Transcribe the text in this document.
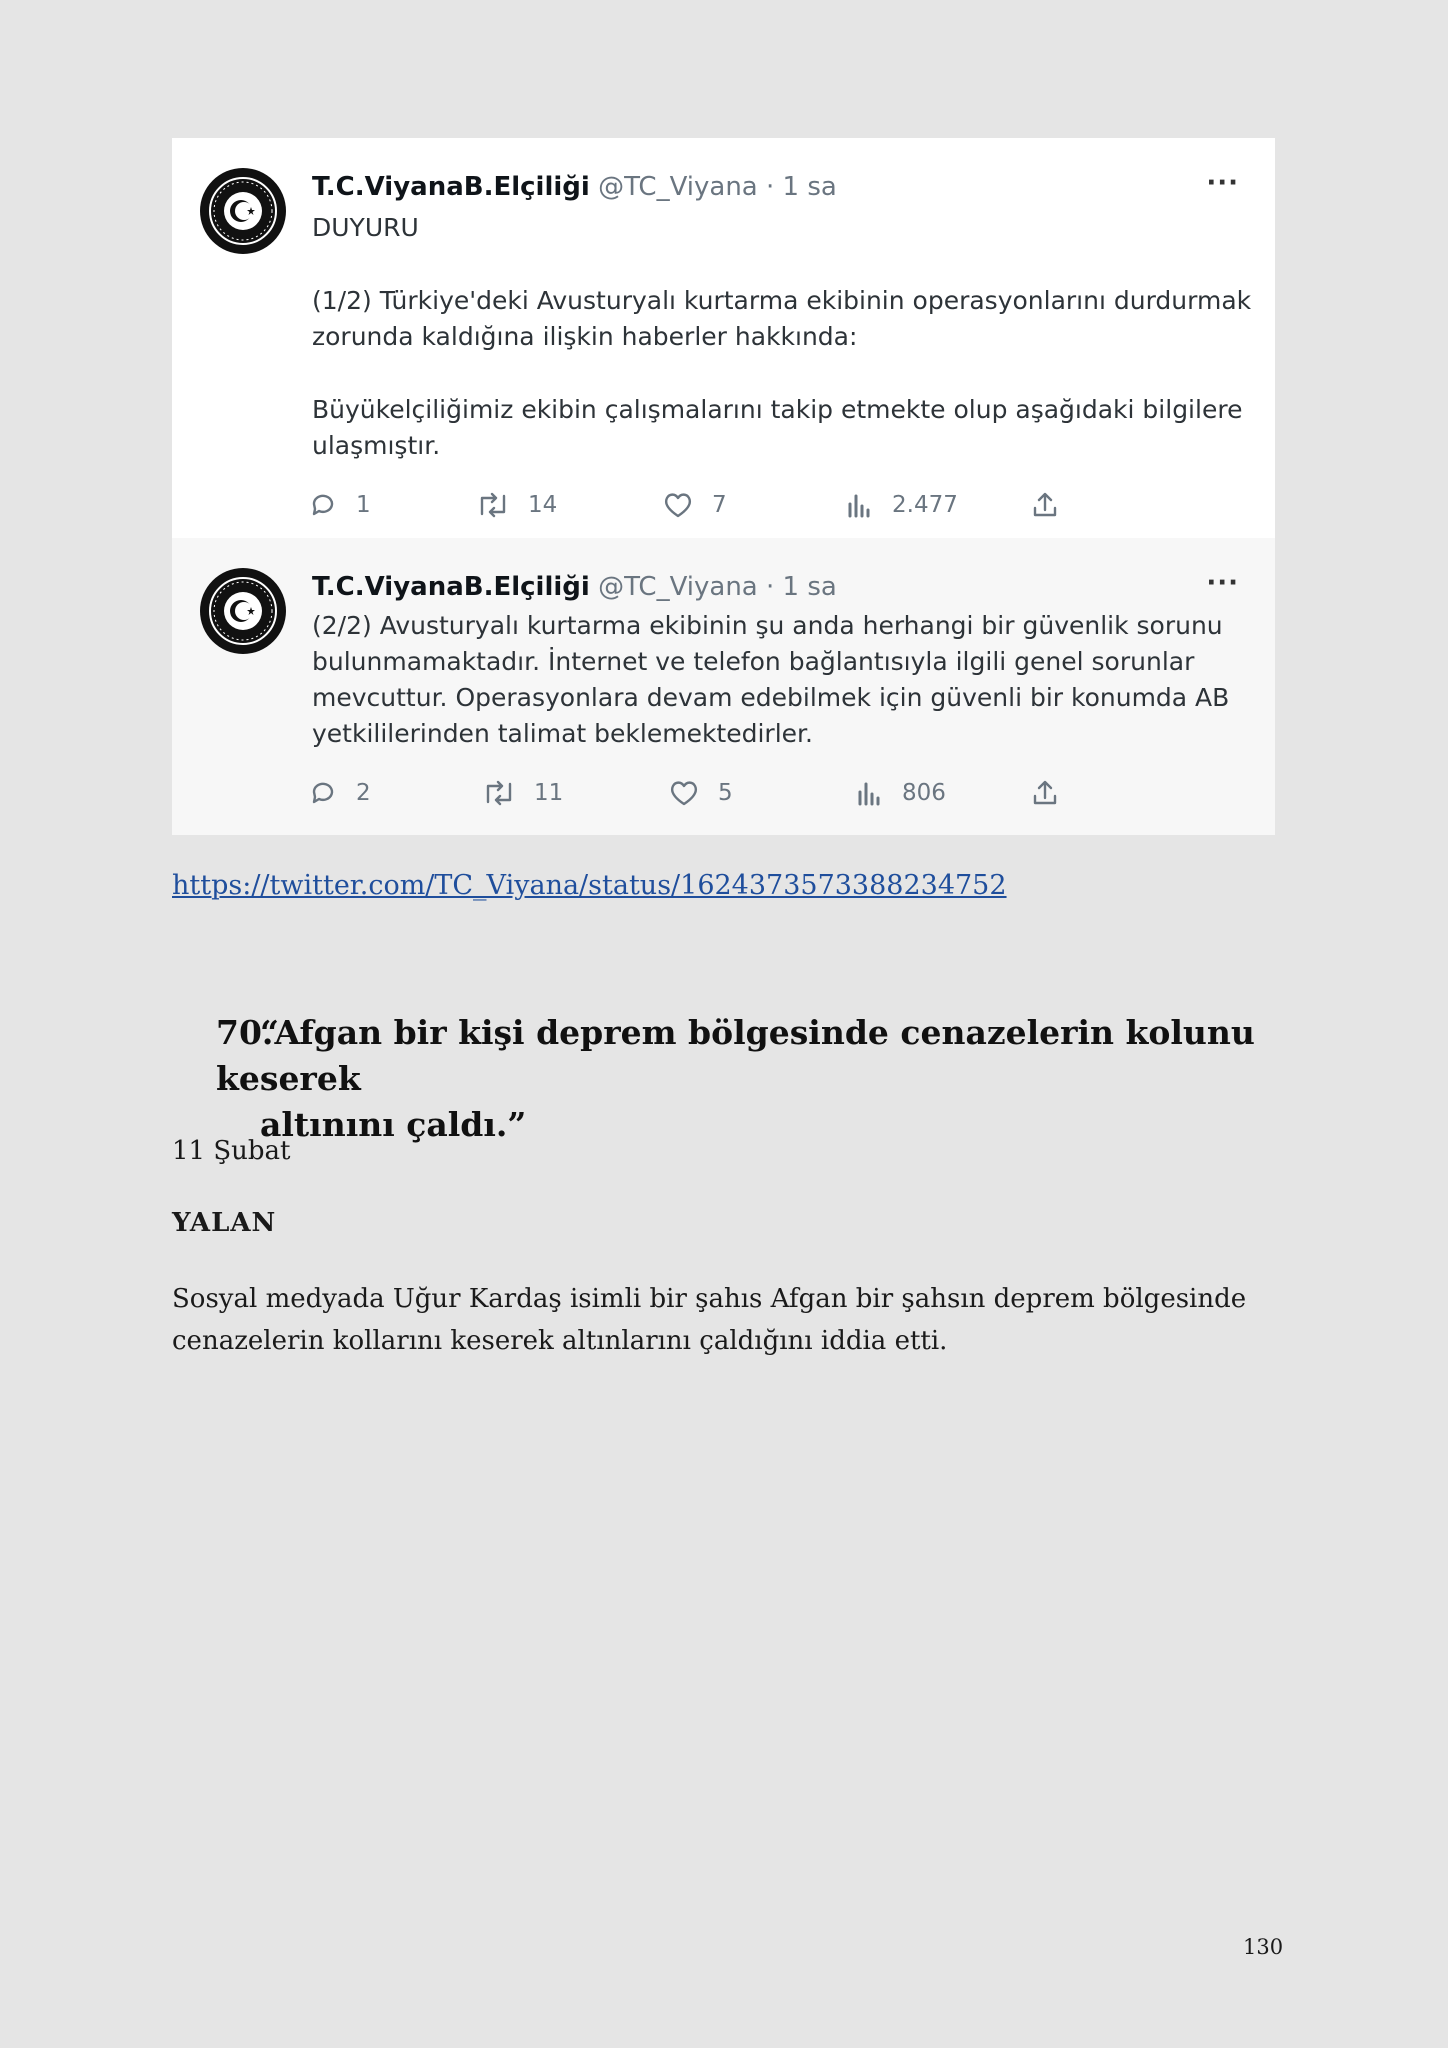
T.C.ViyanaB.Elçiliği @TC_Viyana · 1 sa	···
DUYURU
(1/2) Türkiye'deki Avusturyalı kurtarma ekibinin operasyonlarını durdurmak zorunda kaldığına ilişkin haberler hakkında:
Büyükelçiliğimiz ekibin çalışmalarını takip etmekte olup aşağıdaki bilgilere ulaşmıştır.
1	14	7	2.477
T.C.ViyanaB.Elçiliği @TC_Viyana · 1 sa	···
(2/2) Avusturyalı kurtarma ekibinin şu anda herhangi bir güvenlik sorunu bulunmamaktadır. İnternet ve telefon bağlantısıyla ilgili genel sorunlar mevcuttur. Operasyonlara devam edebilmek için güvenli bir konumda AB yetkililerinden talimat beklemektedirler.
2	11	5	806
https://twitter.com/TC_Viyana/status/1624373573388234752
70.“Afgan bir kişi deprem bölgesinde cenazelerin kolunu keserek
altınını çaldı.”
11 Şubat
YALAN
Sosyal medyada Uğur Kardaş isimli bir şahıs Afgan bir şahsın deprem bölgesinde cenazelerin kollarını keserek altınlarını çaldığını iddia etti.
130
